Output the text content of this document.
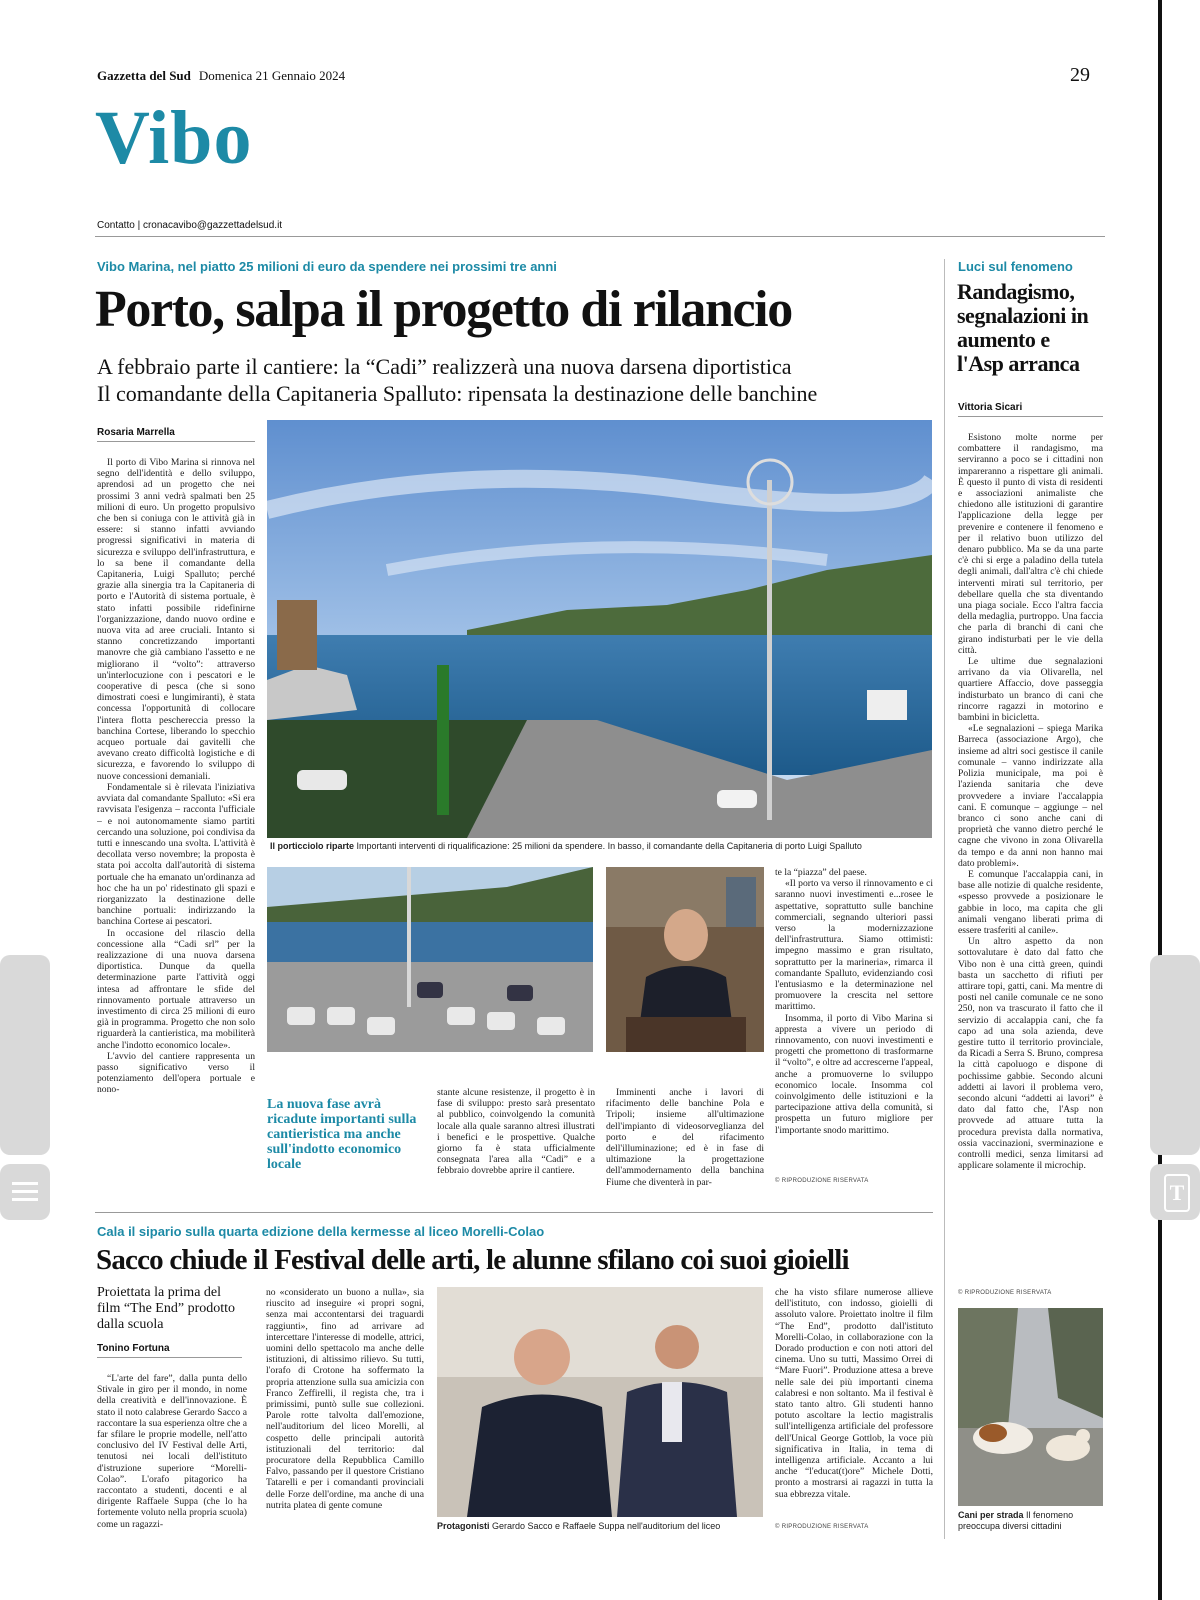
Gazzetta del Sud Domenica 21 Gennaio 2024	29
Vibo
Contatto | cronacavibo@gazzettadelsud.it
T
Vibo Marina, nel piatto 25 milioni di euro da spendere nei prossimi tre anni
Porto, salpa il progetto di rilancio
A febbraio parte il cantiere: la “Cadi” realizzerà una nuova darsena diportistica
Il comandante della Capitaneria Spalluto: ripensata la destinazione delle banchine
Rosaria Marrella

Il porto di Vibo Marina si rinnova nel segno dell'identità e dello sviluppo, aprendosi ad un progetto che nei prossimi 3 anni vedrà spalmati ben 25 milioni di euro. Un progetto propulsivo che ben si coniuga con le attività già in essere: si stanno infatti avviando progressi significativi in materia di sicurezza e sviluppo dell'infrastruttura, e lo sa bene il comandante della Capitaneria, Luigi Spalluto; perché grazie alla sinergia tra la Capitaneria di porto e l'Autorità di sistema portuale, è stato infatti possibile ridefinirne l'organizzazione, dando nuovo ordine e nuova vita ad aree cruciali. Intanto si stanno concretizzando importanti manovre che già cambiano l'assetto e ne migliorano il “volto”: attraverso un'interlocuzione con i pescatori e le cooperative di pesca (che si sono dimostrati coesi e lungimiranti), è stata concessa l'opportunità di collocare l'intera flotta peschereccia presso la banchina Cortese, liberando lo specchio acqueo portuale dai gavitelli che avevano creato difficoltà logistiche e di sicurezza, e favorendo lo sviluppo di nuove concessioni demaniali.

Fondamentale si è rilevata l'iniziativa avviata dal comandante Spalluto: «Si era ravvisata l'esigenza – racconta l'ufficiale – e noi autonomamente siamo partiti cercando una soluzione, poi condivisa da tutti e innescando una svolta. L'attività è decollata verso novembre; la proposta è stata poi accolta dall'autorità di sistema portuale che ha emanato un'ordinanza ad hoc che ha un po' ridestinato gli spazi e riorganizzato la destinazione delle banchine portuali: indirizzando la banchina Cortese ai pescatori.

In occasione del rilascio della concessione alla “Cadi srl” per la realizzazione di una nuova darsena diportistica. Dunque da quella determinazione parte l'attività oggi intesa ad affrontare le sfide del rinnovamento portuale attraverso un investimento di circa 25 milioni di euro già in programma. Progetto che non solo riguarderà la cantieristica, ma mobiliterà anche l'indotto economico locale».

L'avvio del cantiere rappresenta un passo significativo verso il potenziamento dell'opera portuale e nono-

Il porticciolo riparte Importanti interventi di riqualificazione: 25 milioni da spendere. In basso, il comandante della Capitaneria di porto Luigi Spalluto
La nuova fase avrà ricadute importanti sulla cantieristica ma anche sull'indotto economico locale

stante alcune resistenze, il progetto è in fase di sviluppo: presto sarà presentato al pubblico, coinvolgendo la comunità locale alla quale saranno altresì illustrati i benefici e le prospettive. Qualche giorno fa è stata ufficialmente consegnata l'area alla “Cadi” e a febbraio dovrebbe aprire il cantiere.

Imminenti anche i lavori di rifacimento delle banchine Pola e Tripoli; insieme all'ultimazione dell'impianto di videosorveglianza del porto e del rifacimento dell'illuminazione; ed è in fase di ultimazione la progettazione dell'ammodernamento della banchina Fiume che diventerà in par-

te la “piazza” del paese.

«Il porto va verso il rinnovamento e ci saranno nuovi investimenti e...rosee le aspettative, soprattutto sulle banchine commerciali, segnando ulteriori passi verso la modernizzazione dell'infrastruttura. Siamo ottimisti: impegno massimo e gran risultato, soprattutto per la marineria», rimarca il comandante Spalluto, evidenziando così l'entusiasmo e la determinazione nel promuovere la crescita nel settore marittimo.

Insomma, il porto di Vibo Marina si appresta a vivere un periodo di rinnovamento, con nuovi investimenti e progetti che promettono di trasformarne il “volto”, e oltre ad accrescerne l'appeal, anche a promuoverne lo sviluppo economico locale. Insomma col coinvolgimento delle istituzioni e la partecipazione attiva della comunità, si prospetta un futuro migliore per l'importante snodo marittimo.

© RIPRODUZIONE RISERVATA
Luci sul fenomeno
Randagismo, segnalazioni in aumento e l'Asp arranca
Vittoria Sicari

Esistono molte norme per combattere il randagismo, ma serviranno a poco se i cittadini non impareranno a rispettare gli animali. È questo il punto di vista di residenti e associazioni animaliste che chiedono alle istituzioni di garantire l'applicazione della legge per prevenire e contenere il fenomeno e per il relativo buon utilizzo del denaro pubblico. Ma se da una parte c'è chi si erge a paladino della tutela degli animali, dall'altra c'è chi chiede interventi mirati sul territorio, per debellare quella che sta diventando una piaga sociale. Ecco l'altra faccia della medaglia, purtroppo. Una faccia che parla di branchi di cani che girano indisturbati per le vie della città.

Le ultime due segnalazioni arrivano da via Olivarella, nel quartiere Affaccio, dove passeggia indisturbato un branco di cani che rincorre ragazzi in motorino e bambini in bicicletta.

«Le segnalazioni – spiega Marika Barreca (associazione Argo), che insieme ad altri soci gestisce il canile comunale – vanno indirizzate alla Polizia municipale, ma poi è l'azienda sanitaria che deve provvedere a inviare l'accalappia cani. E comunque – aggiunge – nel branco ci sono anche cani di proprietà che vanno dietro perché le cagne che vivono in zona Olivarella da tempo e da anni non hanno mai dato problemi».

E comunque l'accalappia cani, in base alle notizie di qualche residente, «spesso provvede a posizionare le gabbie in loco, ma capita che gli animali vengano liberati prima di essere trasferiti al canile».

Un altro aspetto da non sottovalutare è dato dal fatto che Vibo non è una città green, quindi basta un sacchetto di rifiuti per attirare topi, gatti, cani. Ma mentre di posti nel canile comunale ce ne sono 250, non va trascurato il fatto che il servizio di accalappia cani, che fa capo ad una sola azienda, deve gestire tutto il territorio provinciale, da Ricadi a Serra S. Bruno, compresa la città capoluogo e dispone di pochissime gabbie. Secondo alcuni addetti ai lavori il problema vero, secondo alcuni “addetti ai lavori” è dato dal fatto che, l'Asp non provvede ad attuare tutta la procedura prevista dalla normativa, ossia vaccinazioni, sverminazione e controlli medici, senza limitarsi ad applicare solamente il microchip.

© RIPRODUZIONE RISERVATA
Cani per strada Il fenomeno preoccupa diversi cittadini
Cala il sipario sulla quarta edizione della kermesse al liceo Morelli-Colao
Sacco chiude il Festival delle arti, le alunne sfilano coi suoi gioielli
Proiettata la prima del film “The End” prodotto dalla scuola
Tonino Fortuna

“L'arte del fare”, dalla punta dello Stivale in giro per il mondo, in nome della creatività e dell'innovazione. È stato il noto calabrese Gerardo Sacco a raccontare la sua esperienza oltre che a far sfilare le proprie modelle, nell'atto conclusivo del IV Festival delle Arti, tenutosi nei locali dell'istituto d'istruzione superiore “Morelli-Colao”. L'orafo pitagorico ha raccontato a studenti, docenti e al dirigente Raffaele Suppa (che lo ha fortemente voluto nella propria scuola) come un ragazzi-

no «considerato un buono a nulla», sia riuscito ad inseguire «i propri sogni, senza mai accontentarsi dei traguardi raggiunti», fino ad arrivare ad intercettare l'interesse di modelle, attrici, uomini dello spettacolo ma anche delle istituzioni, di altissimo rilievo. Su tutti, l'orafo di Crotone ha soffermato la propria attenzione sulla sua amicizia con Franco Zeffirelli, il regista che, tra i primissimi, puntò sulle sue collezioni. Parole rotte talvolta dall'emozione, nell'auditorium del liceo Morelli, al cospetto delle principali autorità istituzionali del territorio: dal procuratore della Repubblica Camillo Falvo, passando per il questore Cristiano Tatarelli e per i comandanti provinciali delle Forze dell'ordine, ma anche di una nutrita platea di gente comune

Protagonisti Gerardo Sacco e Raffaele Suppa nell'auditorium del liceo

che ha visto sfilare numerose allieve dell'istituto, con indosso, gioielli di assoluto valore. Proiettato inoltre il film “The End”, prodotto dall'istituto Morelli-Colao, in collaborazione con la Dorado production e con noti attori del cinema. Uno su tutti, Massimo Orrei di “Mare Fuori”. Produzione attesa a breve nelle sale dei più importanti cinema calabresi e non soltanto. Ma il festival è stato tanto altro. Gli studenti hanno potuto ascoltare la lectio magistralis sull'intelligenza artificiale del professore dell'Unical George Gottlob, la voce più significativa in Italia, in tema di intelligenza artificiale. Accanto a lui anche “l'educat(t)ore” Michele Dotti, pronto a mostrarsi ai ragazzi in tutta la sua ebbrezza vitale.

© RIPRODUZIONE RISERVATA
